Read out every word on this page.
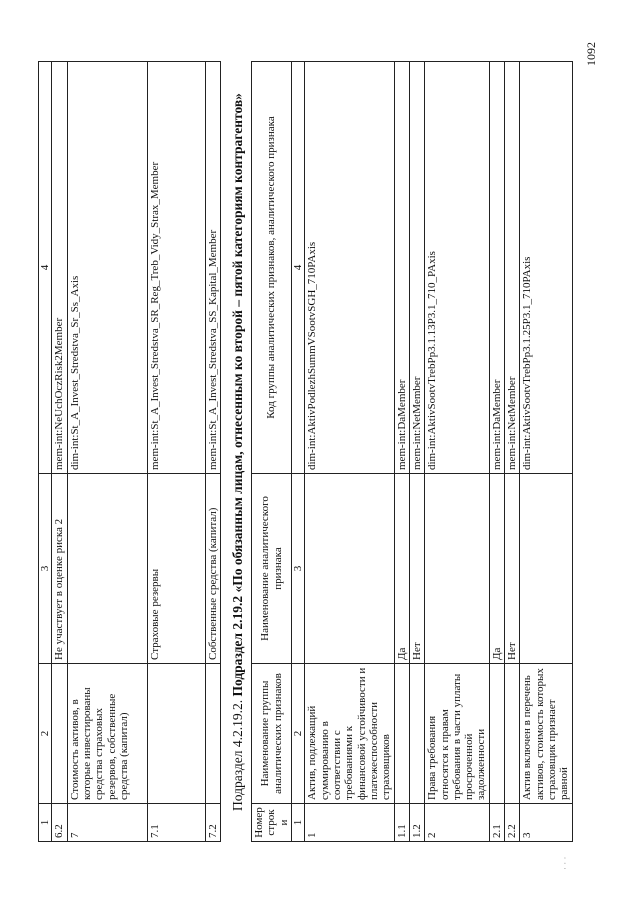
1092
· · ·
1	2	3	4
6.2		Не участвует в оценке риска 2	mem-int:NeUchOczRisk2Member
7	Стоимость активов, в которые инвестированы средства страховых резервов, собственные средства (капитал)		dim-int:St_A_Invest_Stredstva_Sr_Ss_Axis
7.1		Страховые резервы	mem-int:St_A_Invest_Stredstva_SR_Reg_Treb_Vidy_Strax_Member
7.2		Собственные средства (капитал)	mem-int:St_A_Invest_Stredstva_SS_Kapital_Member
Подраздел 4.2.19.2. Подраздел 2.19.2 «По обязанным лицам, отнесенным ко второй – пятой категориям контрагентов»
Номер строки	Наименование группы аналитических признаков	Наименование аналитического признака	Код группы аналитических признаков, аналитического признака
1	2	3	4
1	Актив, подлежащий суммированию в соответствии с требованиями к финансовой устойчивости и платежеспособности страховщиков		dim-int:AktivPodlezhSummVSootvSGH_710PAxis
1.1		Да	mem-int:DaMember
1.2		Нет	mem-int:NetMember
2	Права требования относятся к правам требования в части уплаты просроченной задолженности		dim-int:AktivSootvTrebPp3.1.13P3.1_710_PAxis
2.1		Да	mem-int:DaMember
2.2		Нет	mem-int:NetMember
3	Актив включен в перечень активов, стоимость которых страховщик признает равной		dim-int:AktivSootvTrebPp3.1.25P3.1_710PAxis
